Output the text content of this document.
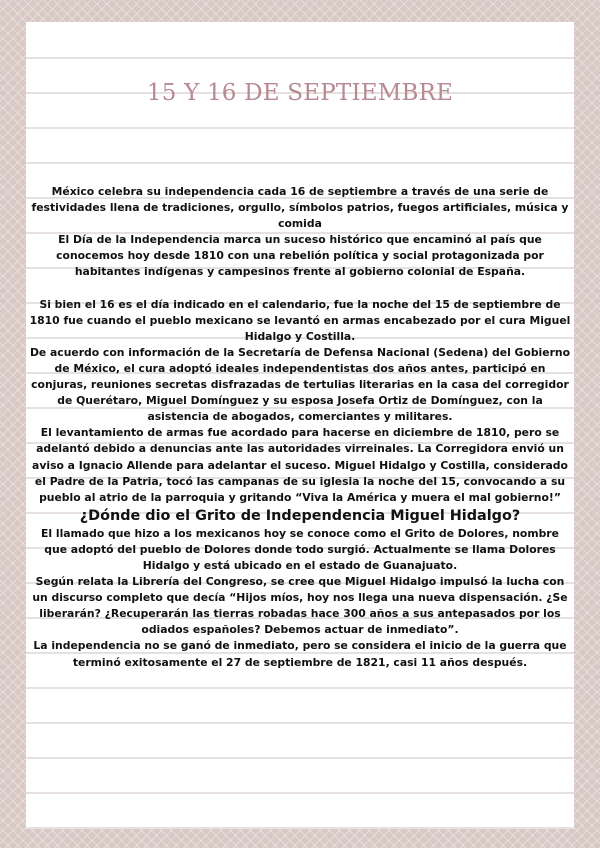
15 Y 16 DE SEPTIEMBRE

México celebra su independencia cada 16 de septiembre a través de una serie de festividades llena de tradiciones, orgullo, símbolos patrios, fuegos artificiales, música y comida

El Día de la Independencia marca un suceso histórico que encaminó al país que conocemos hoy desde 1810 con una rebelión política y social protagonizada por habitantes indígenas y campesinos frente al gobierno colonial de España.

Si bien el 16 es el día indicado en el calendario, fue la noche del 15 de septiembre de 1810 fue cuando el pueblo mexicano se levantó en armas encabezado por el cura Miguel Hidalgo y Costilla.

De acuerdo con información de la Secretaría de Defensa Nacional (Sedena) del Gobierno de México, el cura adoptó ideales independentistas dos años antes, participó en conjuras, reuniones secretas disfrazadas de tertulias literarias en la casa del corregidor de Querétaro, Miguel Domínguez y su esposa Josefa Ortiz de Domínguez, con la asistencia de abogados, comerciantes y militares.

El levantamiento de armas fue acordado para hacerse en diciembre de 1810, pero se adelantó debido a denuncias ante las autoridades virreinales. La Corregidora envió un aviso a Ignacio Allende para adelantar el suceso. Miguel Hidalgo y Costilla, considerado el Padre de la Patria, tocó las campanas de su iglesia la noche del 15, convocando a su pueblo al atrio de la parroquia y gritando “Viva la América y muera el mal gobierno!”

¿Dónde dio el Grito de Independencia Miguel Hidalgo?

El llamado que hizo a los mexicanos hoy se conoce como el Grito de Dolores, nombre que adoptó del pueblo de Dolores donde todo surgió. Actualmente se llama Dolores Hidalgo y está ubicado en el estado de Guanajuato.

Según relata la Librería del Congreso, se cree que Miguel Hidalgo impulsó la lucha con un discurso completo que decía “Hijos míos, hoy nos llega una nueva dispensación. ¿Se liberarán? ¿Recuperarán las tierras robadas hace 300 años a sus antepasados por los odiados españoles? Debemos actuar de inmediato”.

La independencia no se ganó de inmediato, pero se considera el inicio de la guerra que terminó exitosamente el 27 de septiembre de 1821, casi 11 años después.
